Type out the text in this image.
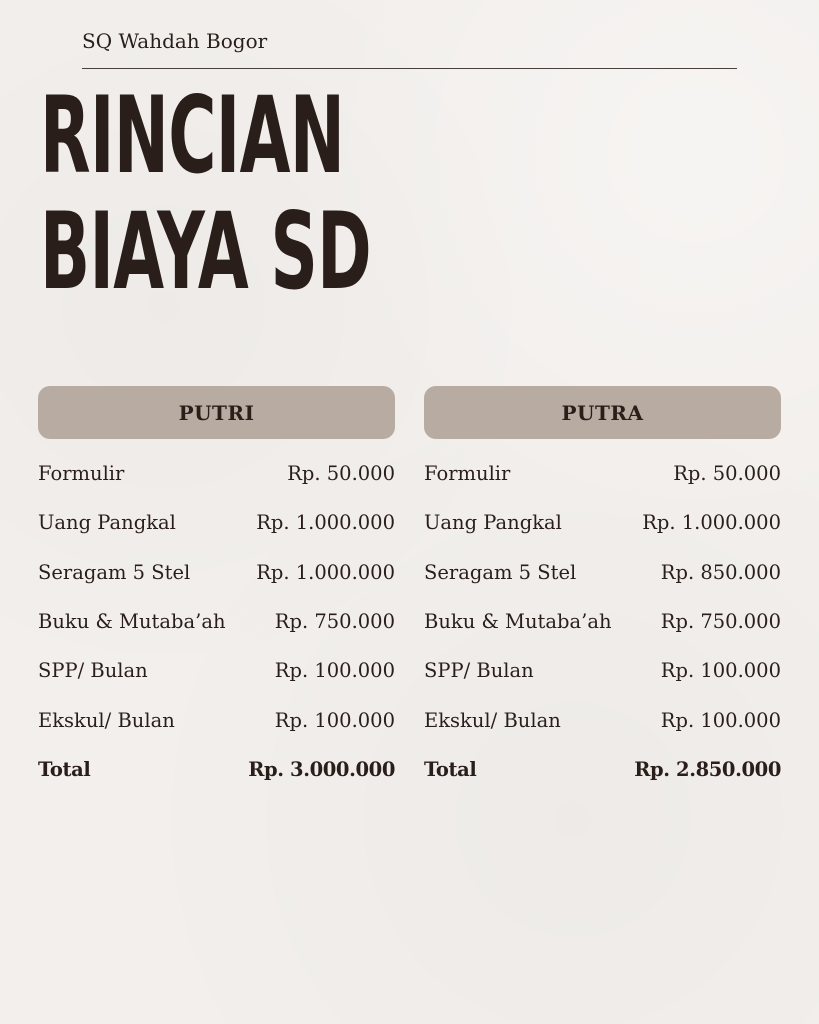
SQ Wahdah Bogor
RINCIAN
BIAYA SD
PUTRI
Formulir	Rp. 50.000
Uang Pangkal	Rp. 1.000.000
Seragam 5 Stel	Rp. 1.000.000
Buku & Mutaba’ah	Rp. 750.000
SPP/ Bulan	Rp. 100.000
Ekskul/ Bulan	Rp. 100.000
Total	Rp. 3.000.000
PUTRA
Formulir	Rp. 50.000
Uang Pangkal	Rp. 1.000.000
Seragam 5 Stel	Rp. 850.000
Buku & Mutaba’ah	Rp. 750.000
SPP/ Bulan	Rp. 100.000
Ekskul/ Bulan	Rp. 100.000
Total	Rp. 2.850.000
